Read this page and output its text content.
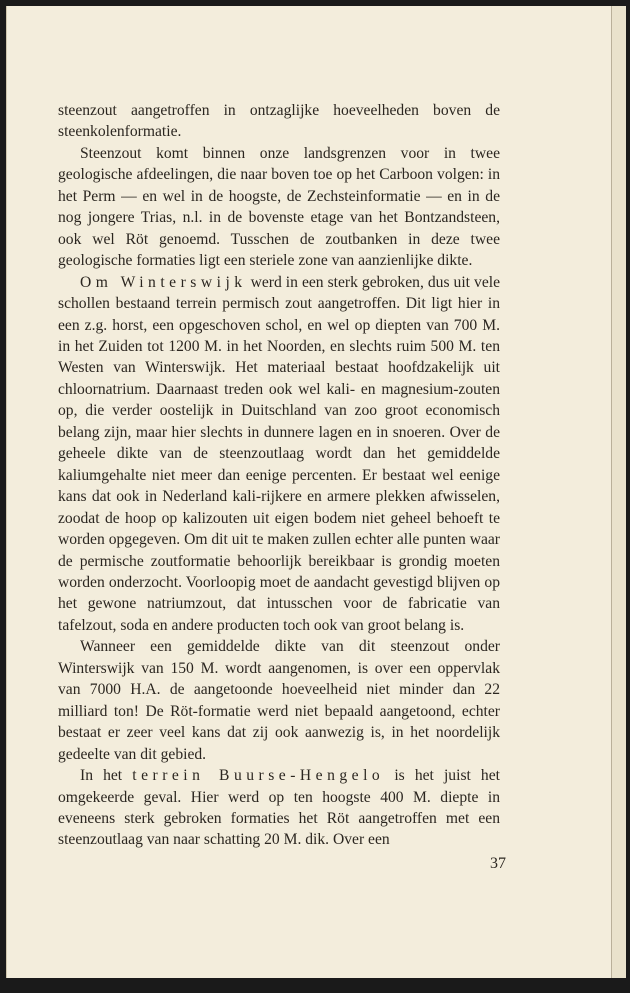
steenzout aangetroffen in ontzaglijke hoeveelheden boven de steenkolenformatie.

Steenzout komt binnen onze landsgrenzen voor in twee geologische afdeelingen, die naar boven toe op het Carboon volgen: in het Perm — en wel in de hoogste, de Zechsteinformatie — en in de nog jongere Trias, n.l. in de bovenste etage van het Bontzandsteen, ook wel Röt genoemd. Tusschen de zoutbanken in deze twee geologische formaties ligt een steriele zone van aanzienlijke dikte.

Om Winterswijk werd in een sterk gebroken, dus uit vele schollen bestaand terrein permisch zout aangetroffen. Dit ligt hier in een z.g. horst, een opgeschoven schol, en wel op diepten van 700 M. in het Zuiden tot 1200 M. in het Noorden, en slechts ruim 500 M. ten Westen van Winterswijk. Het materiaal bestaat hoofdzakelijk uit chloornatrium. Daarnaast treden ook wel kali- en magnesium-zouten op, die verder oostelijk in Duitschland van zoo groot economisch belang zijn, maar hier slechts in dunnere lagen en in snoeren. Over de geheele dikte van de steenzoutlaag wordt dan het gemiddelde kaliumgehalte niet meer dan eenige percenten. Er bestaat wel eenige kans dat ook in Nederland kali-rijkere en armere plekken afwisselen, zoodat de hoop op kalizouten uit eigen bodem niet geheel behoeft te worden opgegeven. Om dit uit te maken zullen echter alle punten waar de permische zoutformatie behoorlijk bereikbaar is grondig moeten worden onderzocht. Voorloopig moet de aandacht gevestigd blijven op het gewone natriumzout, dat intusschen voor de fabricatie van tafelzout, soda en andere producten toch ook van groot belang is.

Wanneer een gemiddelde dikte van dit steenzout onder Winterswijk van 150 M. wordt aangenomen, is over een oppervlak van 7000 H.A. de aangetoonde hoeveelheid niet minder dan 22 milliard ton! De Röt-formatie werd niet bepaald aangetoond, echter bestaat er zeer veel kans dat zij ook aanwezig is, in het noordelijk gedeelte van dit gebied.

In het terrein Buurse-Hengelo is het juist het omgekeerde geval. Hier werd op ten hoogste 400 M. diepte in eveneens sterk gebroken formaties het Röt aangetroffen met een steenzoutlaag van naar schatting 20 M. dik. Over een

37
